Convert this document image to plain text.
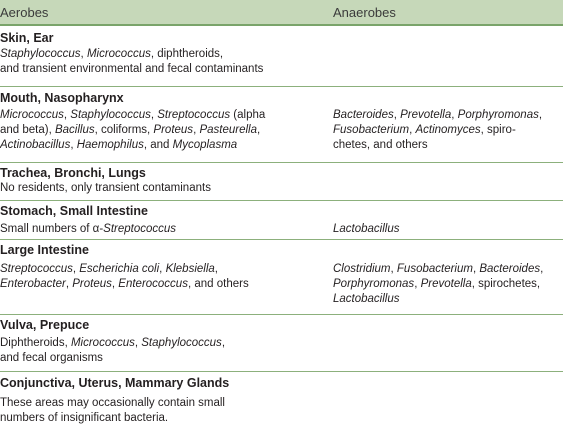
Aerobes	Anaerobes
Skin, Ear
Staphylococcus, Micrococcus, diphtheroids,
and transient environmental and fecal contaminants
Mouth, Nasopharynx
Micrococcus, Staphylococcus, Streptococcus (alpha
and beta), Bacillus, coliforms, Proteus, Pasteurella,
Actinobacillus, Haemophilus, and Mycoplasma
Bacteroides, Prevotella, Porphyromonas,
Fusobacterium, Actinomyces, spiro-
chetes, and others
Trachea, Bronchi, Lungs
No residents, only transient contaminants
Stomach, Small Intestine
Small numbers of α-Streptococcus	Lactobacillus
Large Intestine
Streptococcus, Escherichia coli, Klebsiella,
Enterobacter, Proteus, Enterococcus, and others
Clostridium, Fusobacterium, Bacteroides,
Porphyromonas, Prevotella, spirochetes,
Lactobacillus
Vulva, Prepuce
Diphtheroids, Micrococcus, Staphylococcus,
and fecal organisms
Conjunctiva, Uterus, Mammary Glands
These areas may occasionally contain small
numbers of insignificant bacteria.
